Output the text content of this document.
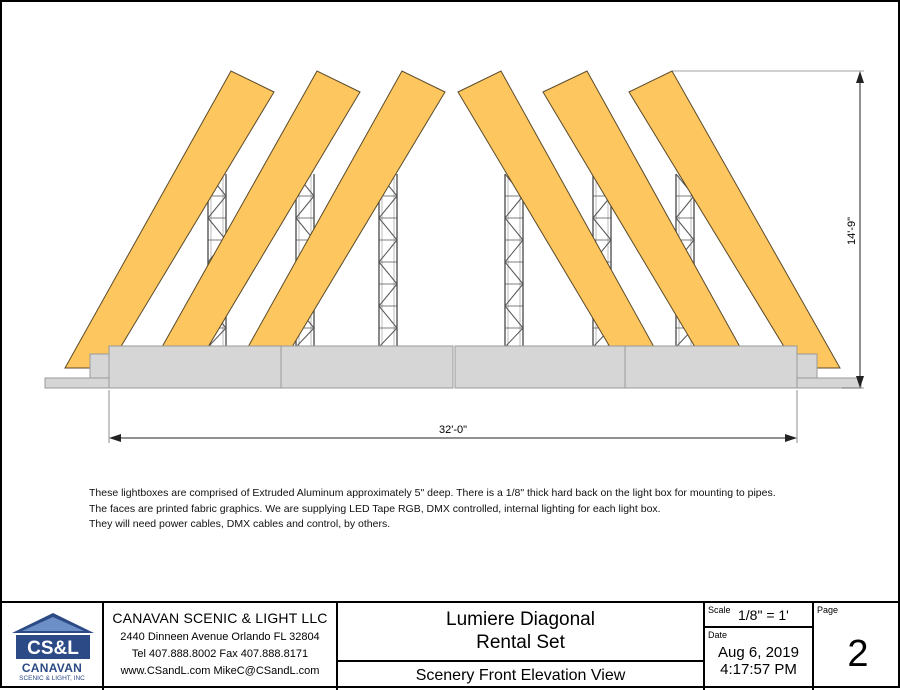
14'-9"
32'-0"
These lightboxes are comprised of Extruded Aluminum approximately 5" deep. There is a 1/8" thick hard back on the light box for mounting to pipes.
The faces are printed fabric graphics. We are supplying LED Tape RGB, DMX controlled, internal lighting for each light box.
They will need power cables, DMX cables and control, by others.
CS&L
CANAVAN
SCENIC & LIGHT, INC
CANAVAN SCENIC & LIGHT LLC
2440 Dinneen Avenue Orlando FL 32804
Tel 407.888.8002 Fax 407.888.8171
www.CSandL.com MikeC@CSandL.com
Lumiere Diagonal
Rental Set
Scenery Front Elevation View
Scale 1/8" = 1'
Date
Aug 6, 2019
4:17:57 PM
Page
2
